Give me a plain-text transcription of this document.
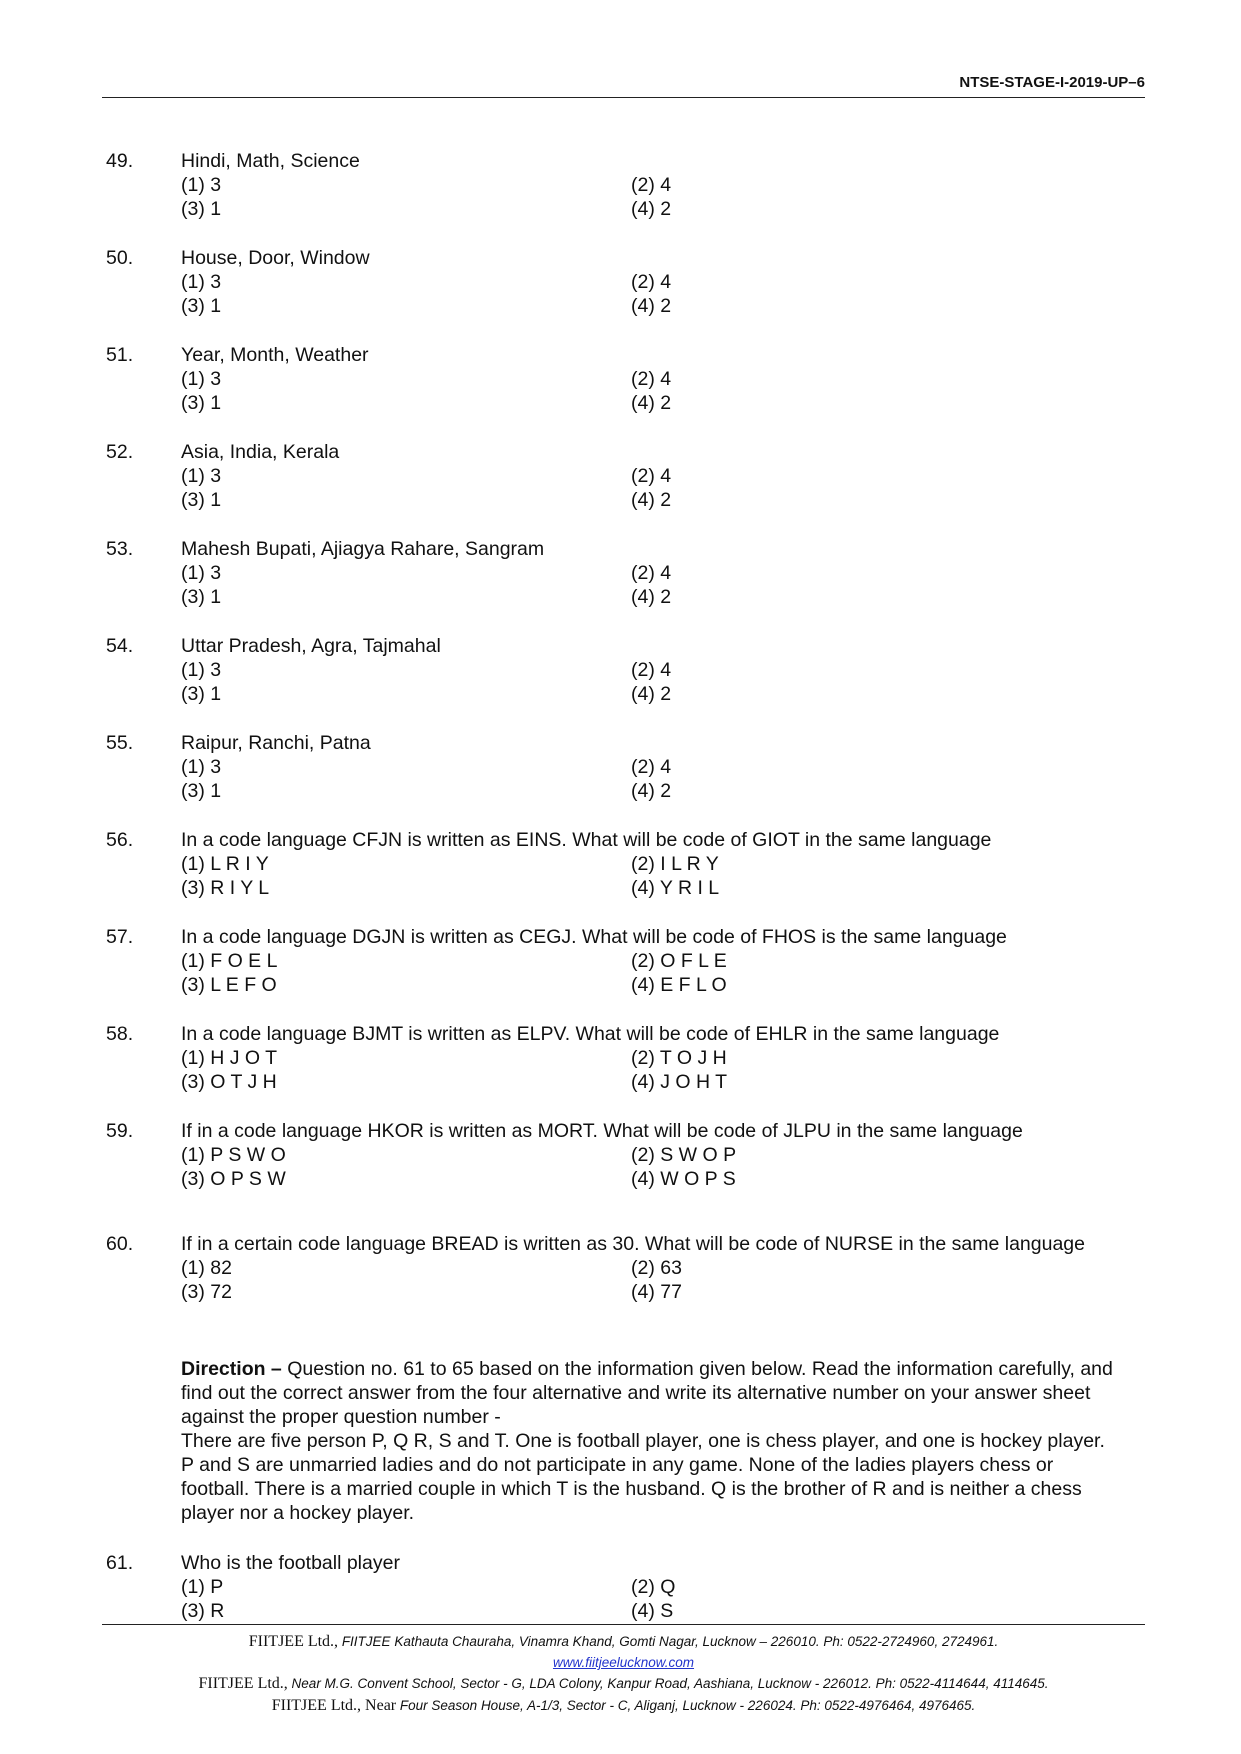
NTSE-STAGE-I-2019-UP–6
49. Hindi, Math, Science
(1) 3	(2) 4
(3) 1	(4) 2
50. House, Door, Window
(1) 3	(2) 4
(3) 1	(4) 2
51. Year, Month, Weather
(1) 3	(2) 4
(3) 1	(4) 2
52. Asia, India, Kerala
(1) 3	(2) 4
(3) 1	(4) 2
53. Mahesh Bupati, Ajiagya Rahare, Sangram
(1) 3	(2) 4
(3) 1	(4) 2
54. Uttar Pradesh, Agra, Tajmahal
(1) 3	(2) 4
(3) 1	(4) 2
55. Raipur, Ranchi, Patna
(1) 3	(2) 4
(3) 1	(4) 2
56. In a code language CFJN is written as EINS. What will be code of GIOT in the same language
(1) L R I Y	(2) I L R Y
(3) R I Y L	(4) Y R I L
57. In a code language DGJN is written as CEGJ. What will be code of FHOS is the same language
(1) F O E L	(2) O F L E
(3) L E F O	(4) E F L O
58. In a code language BJMT is written as ELPV. What will be code of EHLR in the same language
(1) H J O T	(2) T O J H
(3) O T J H	(4) J O H T
59. If in a code language HKOR is written as MORT. What will be code of JLPU in the same language
(1) P S W O	(2) S W O P
(3) O P S W	(4) W O P S
60. If in a certain code language BREAD is written as 30. What will be code of NURSE in the same language
(1) 82	(2) 63
(3) 72	(4) 77
61. Who is the football player
(1) P	(2) Q
(3) R	(4) S

Direction – Question no. 61 to 65 based on the information given below. Read the information carefully, and find out the correct answer from the four alternative and write its alternative number on your answer sheet against the proper question number -

There are five person P, Q R, S and T. One is football player, one is chess player, and one is hockey player. P and S are unmarried ladies and do not participate in any game. None of the ladies players chess or football. There is a married couple in which T is the husband. Q is the brother of R and is neither a chess player nor a hockey player.

FIITJEE Ltd., FIITJEE Kathauta Chauraha, Vinamra Khand, Gomti Nagar, Lucknow – 226010. Ph: 0522-2724960, 2724961.
www.fiitjeelucknow.com
FIITJEE Ltd., Near M.G. Convent School, Sector - G, LDA Colony, Kanpur Road, Aashiana, Lucknow - 226012. Ph: 0522-4114644, 4114645.
FIITJEE Ltd., Near Four Season House, A-1/3, Sector - C, Aliganj, Lucknow - 226024. Ph: 0522-4976464, 4976465.
